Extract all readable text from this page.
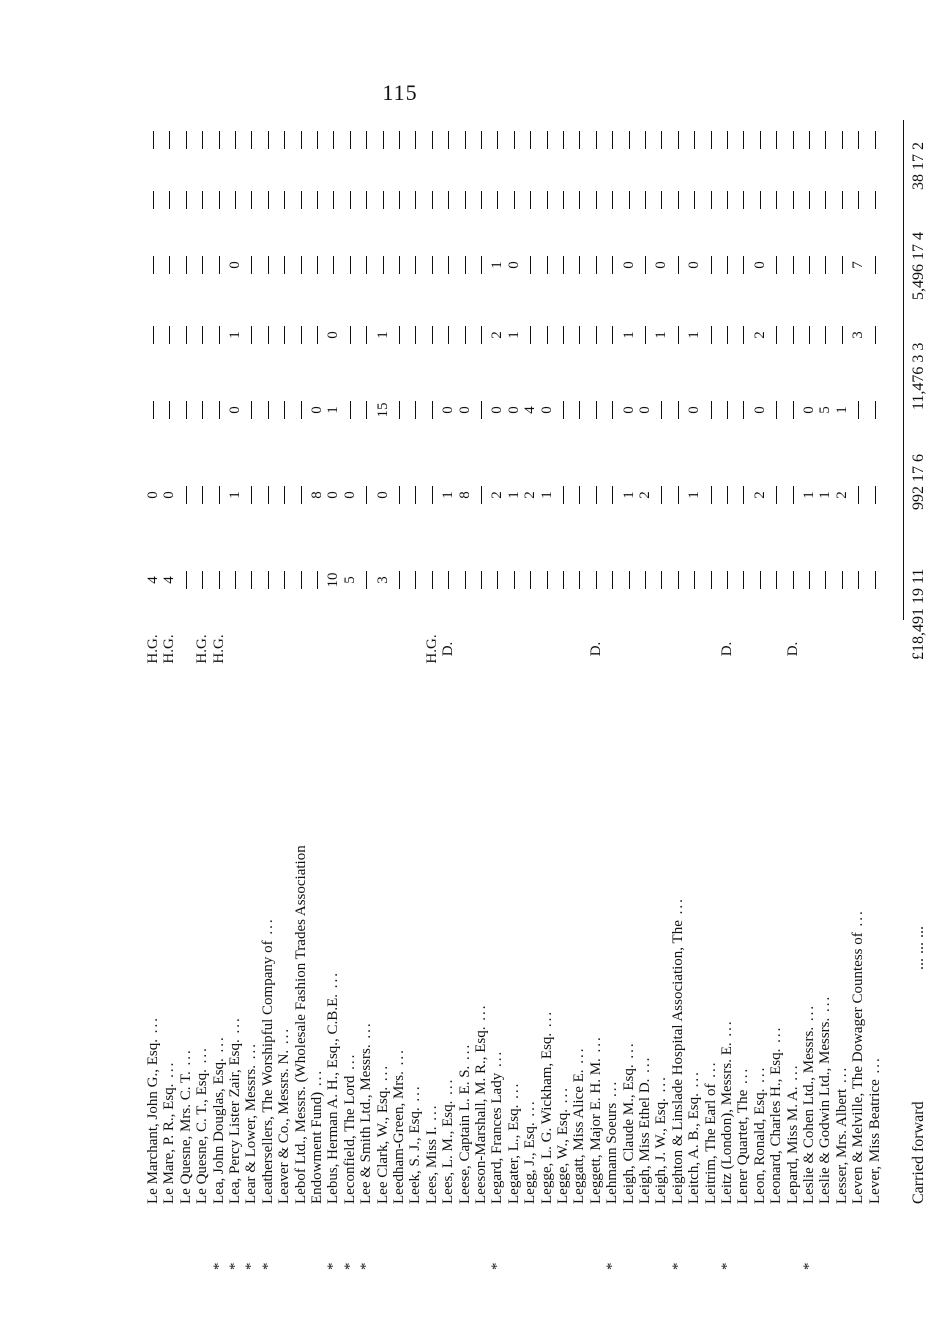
115
Le Marchant, John G., Esq. ...
H.G.
4
0
Le Mare, P. R., Esq. ...
H.G.
4
0
Le Quesne, Mrs. C. T. ...
Le Quesne, C. T., Esq. ...
H.G.
*
Lea, John Douglas, Esq. ...
H.G.
*
Lea, Percy Lister Zair, Esq. ...
1
0
1
0
*
Lear & Lower, Messrs. ...
*
Leathersellers, The Worshipful Company of ...
Leaver & Co., Messrs. N. ... Lebof Ltd., Messrs. (Wholesale Fashion Trades Association Endowment Fund) ...
8
0
*
Lebus, Herman A. H., Esq., C.B.E. ...
10
0
1
0
*
Leconfield, The Lord ...
5
0
*
Lee & Smith Ltd., Messrs. ...
Lee Clark, W., Esq. ...
3
0
15
1
Leedham-Green, Mrs. ...
Leek, S. J., Esq. ...
Lees, Miss I. ...
H.G.
Lees, L. M., Esq. ...
D.
1
0
Leese, Captain L. E. S. ...
8
0
Leeson-Marshall, M. R., Esq. ...
*
Legard, Frances Lady ...
2
0
2
1
Legater, L., Esq. ...
1
0
1
0
Legg, J., Esq. ...
2
4
Legge, L. G. Wickham, Esq. ...
1
0
Legge, W., Esq. ... Leggatt, Miss Alice E. ...
Leggett, Major E. H. M. ...
D.
*
Lehmann Soeurs ... Leigh, Claude M., Esq. ...
1
0
1
0
Leigh, Miss Ethel D. ...
2
0
Leigh, J. W., Esq. ...
1
0
*
Leighton & Linslade Hospital Association, The ...
Leitch, A. B., Esq. ...
1
0
1
0
Leitrim, The Earl of ...
*
Leitz (London), Messrs. E. ...
D.
Lener Quartet, The ...
Leon, Ronald, Esq. ...
2
0
2
0
Leonard, Charles H., Esq. ...
Lepard, Miss M. A. ...
D.
*
Leslie & Cohen Ltd., Messrs. ...
1
0
Leslie & Godwin Ltd., Messrs. ...
1
5
Lesser, Mrs. Albert ...
2
1
Leven & Melville, The Dowager Countess of ...
3
7
Lever, Miss Beatrice ...
Carried forward
... ... ...
£18,491 19 11
992 17 6
11,476 3 3
5,496 17 4
38 17 2
